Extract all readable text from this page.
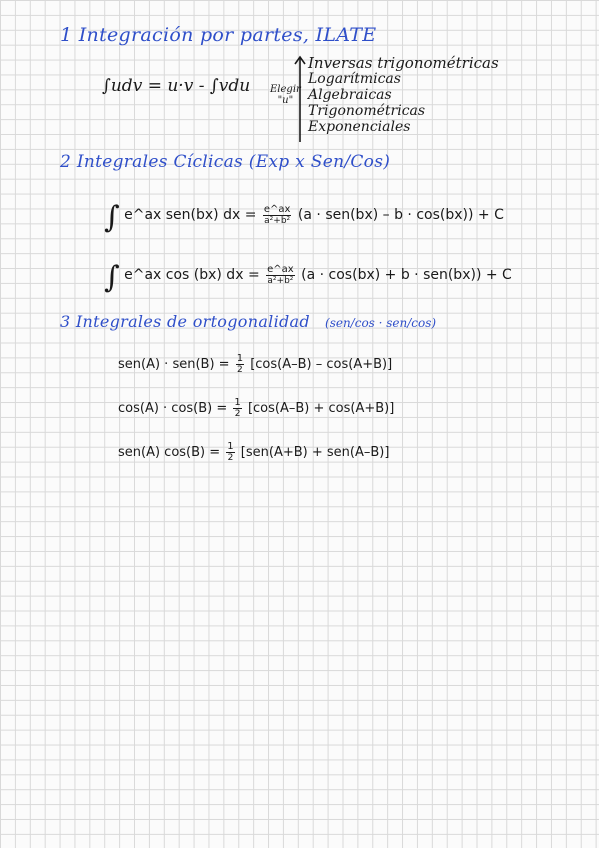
1 Integración por partes, ILATE
∫udv = u·v - ∫vdu Elegir
"u"
Inversas trigonométricas
Logarítmicas
Algebraicas
Trigonométricas
Exponenciales
2 Integrales Cíclicas (Exp x Sen/Cos)
∫ e^ax sen(bx) dx = $\frac{e\^{}ax}{\text{a²+b²}} (a \cdot sen(bx) - b \cdot \cos(bx)) + C$
∫ e^ax cos (bx) dx = $\frac{e\^{}ax}{\text{a²+b²}} (a \cdot \cos(bx) + b \cdot sen(bx)) + C$
3 Integrales de ortogonalidad (sen/cos · sen/cos)
$sen(A) \cdot sen(B) = \frac{1}{2} [\cos(A-B) - \cos(A+B)]$
$\cos(A) \cdot \cos(B) = \frac{1}{2} [\cos(A-B) + \cos(A+B)]$
sen(A) $\cos(B) = \frac{1}{2} [sen(A+B) + sen(A-B)]$
